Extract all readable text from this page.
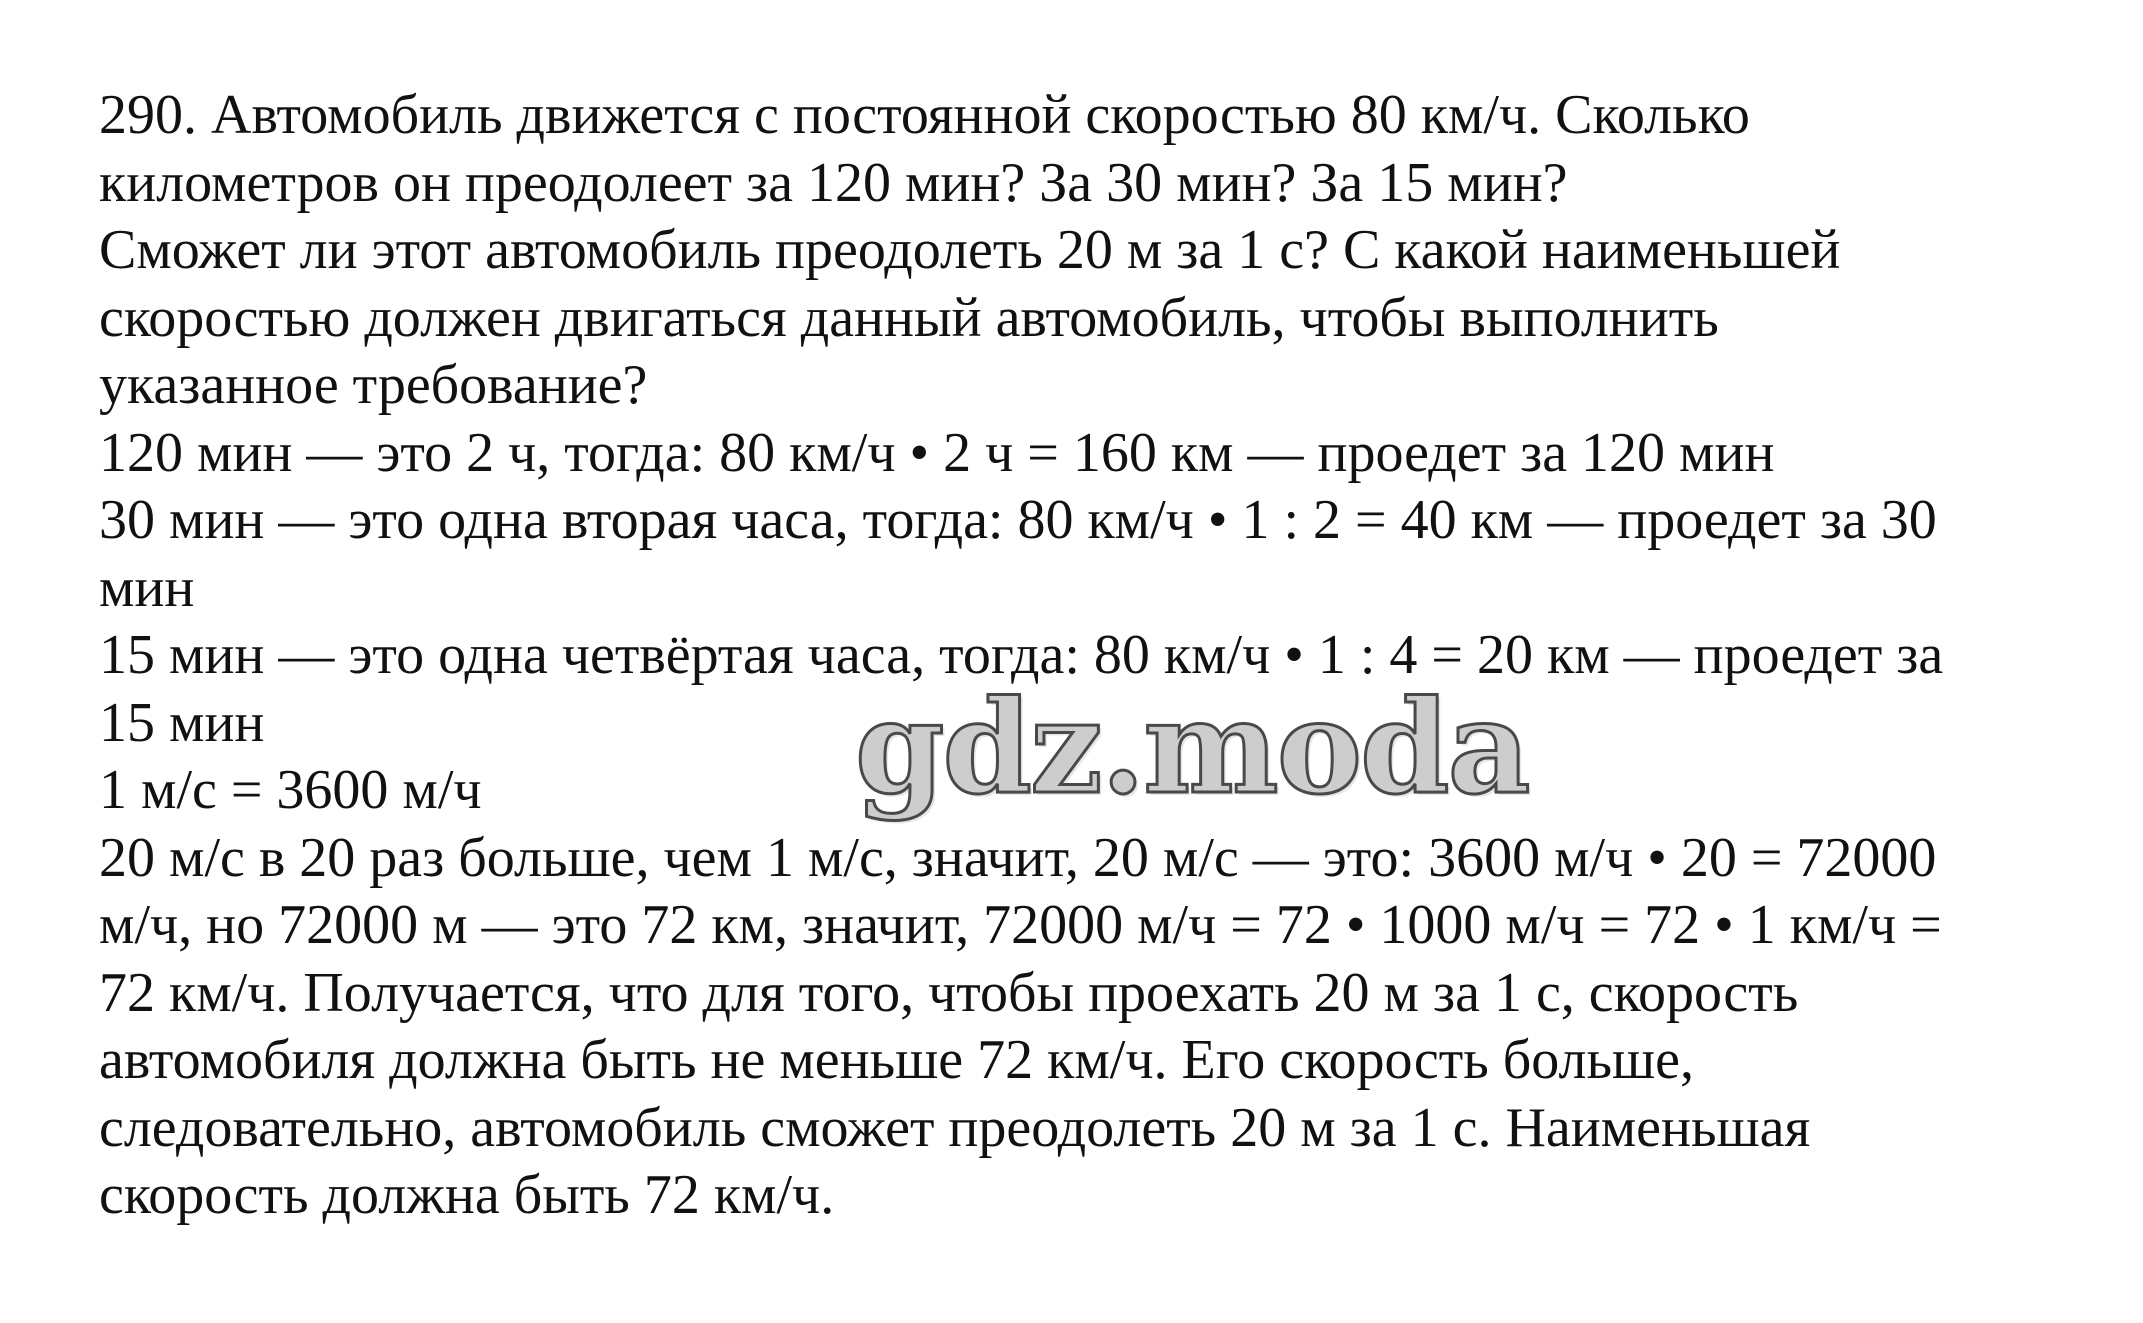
290. Автомобиль движется с постоянной скоростью 80 км/ч. Сколько
километров он преодолеет за 120 мин? За 30 мин? За 15 мин?
Сможет ли этот автомобиль преодолеть 20 м за 1 с? С какой наименьшей
скоростью должен двигаться данный автомобиль, чтобы выполнить
указанное требование?
120 мин — это 2 ч, тогда: 80 км/ч • 2 ч = 160 км — проедет за 120 мин
30 мин — это одна вторая часа, тогда: 80 км/ч • 1 : 2 = 40 км — проедет за 30
мин
15 мин — это одна четвёртая часа, тогда: 80 км/ч • 1 : 4 = 20 км — проедет за
15 мин
1 м/с = 3600 м/ч
20 м/с в 20 раз больше, чем 1 м/с, значит, 20 м/с — это: 3600 м/ч • 20 = 72000
м/ч, но 72000 м — это 72 км, значит, 72000 м/ч = 72 • 1000 м/ч = 72 • 1 км/ч =
72 км/ч. Получается, что для того, чтобы проехать 20 м за 1 с, скорость
автомобиля должна быть не меньше 72 км/ч. Его скорость больше,
следовательно, автомобиль сможет преодолеть 20 м за 1 с. Наименьшая
скорость должна быть 72 км/ч.
gdz.moda
